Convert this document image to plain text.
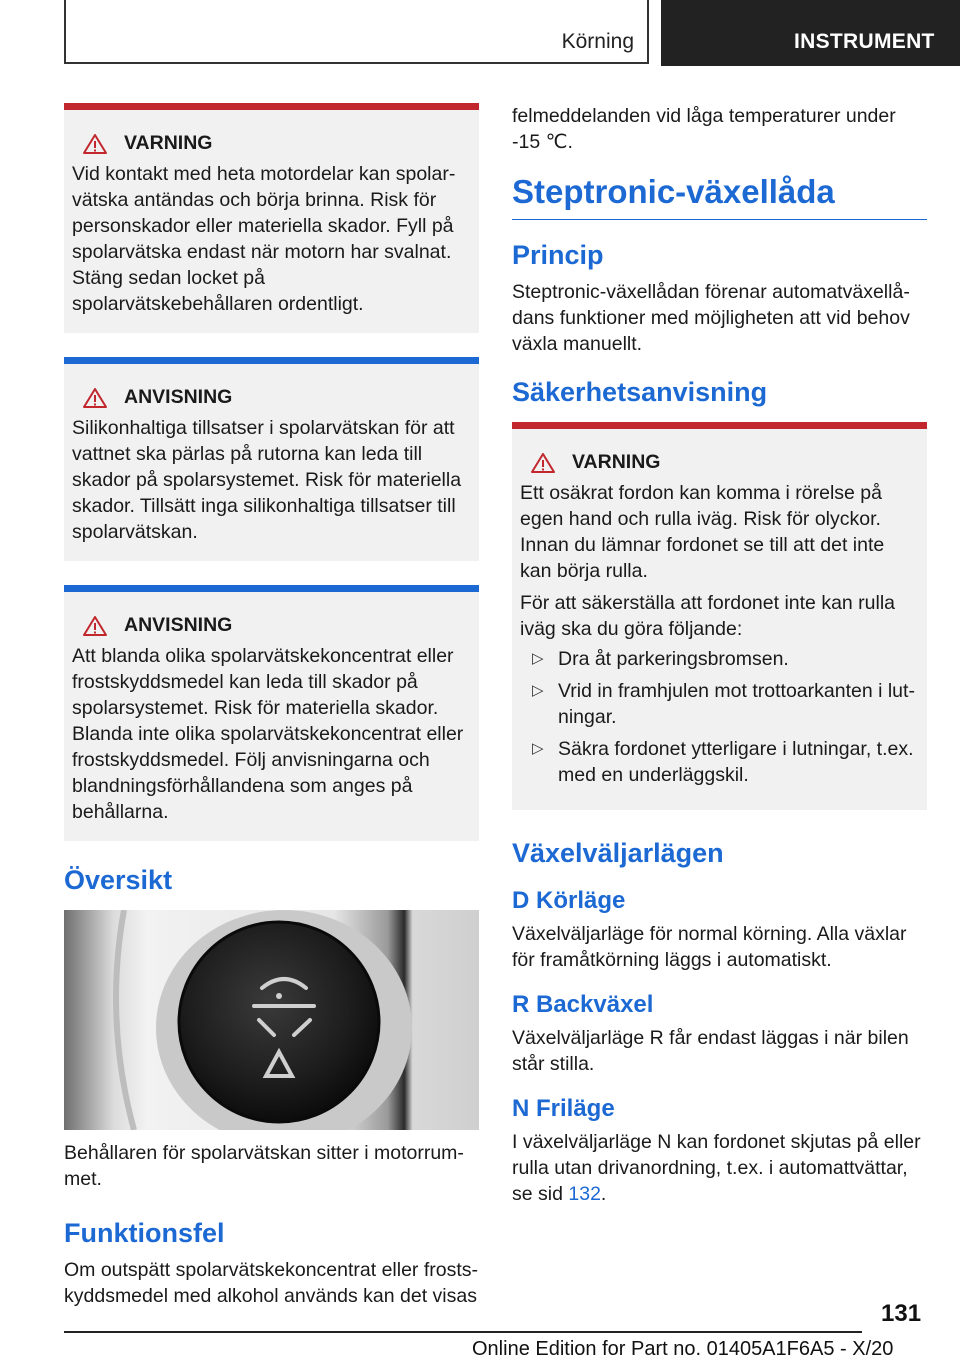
Körning	INSTRUMENT
VARNING

Vid kontakt med heta motordelar kan spolarvätska antändas och börja brinna. Risk för personskador eller materiella skador. Fyll på spolarvätska endast när motorn har svalnat. Stäng sedan locket på spolarvätskebehållaren ordentligt.

ANVISNING

Silikonhaltiga tillsatser i spolarvätskan för att vattnet ska pärlas på rutorna kan leda till skador på spolarsystemet. Risk för materiella skador. Tillsätt inga silikonhaltiga tillsatser till spolarvätskan.

ANVISNING

Att blanda olika spolarvätskekoncentrat eller frostskyddsmedel kan leda till skador på spolarsystemet. Risk för materiella skador. Blanda inte olika spolarvätskekoncentrat eller frostskyddsmedel. Följ anvisningarna och blandningsförhållandena som anges på behållarna.

Översikt

Behållaren för spolarvätskan sitter i motorrummet.

Funktionsfel

Om outspätt spolarvätskekoncentrat eller frostskyddsmedel med alkohol används kan det visas

felmeddelanden vid låga temperaturer under -15 ℃.

Steptronic-växellåda
Princip

Steptronic-växellådan förenar automatväxellådans funktioner med möjligheten att vid behov växla manuellt.

Säkerhetsanvisning
VARNING

Ett osäkrat fordon kan komma i rörelse på egen hand och rulla iväg. Risk för olyckor. Innan du lämnar fordonet se till att det inte kan börja rulla.

För att säkerställa att fordonet inte kan rulla iväg ska du göra följande:

▷ Dra åt parkeringsbromsen.
▷ Vrid in framhjulen mot trottoarkanten i lutningar.
▷ Säkra fordonet ytterligare i lutningar, t.ex. med en underläggskil.
Växelväljarlägen
D Körläge

Växelväljarläge för normal körning. Alla växlar för framåtkörning läggs i automatiskt.

R Backväxel

Växelväljarläge R får endast läggas i när bilen står stilla.

N Friläge

I växelväljarläge N kan fordonet skjutas på eller rulla utan drivanordning, t.ex. i automattvättar, se sid 132.

131
Online Edition for Part no. 01405A1F6A5 - X/20
